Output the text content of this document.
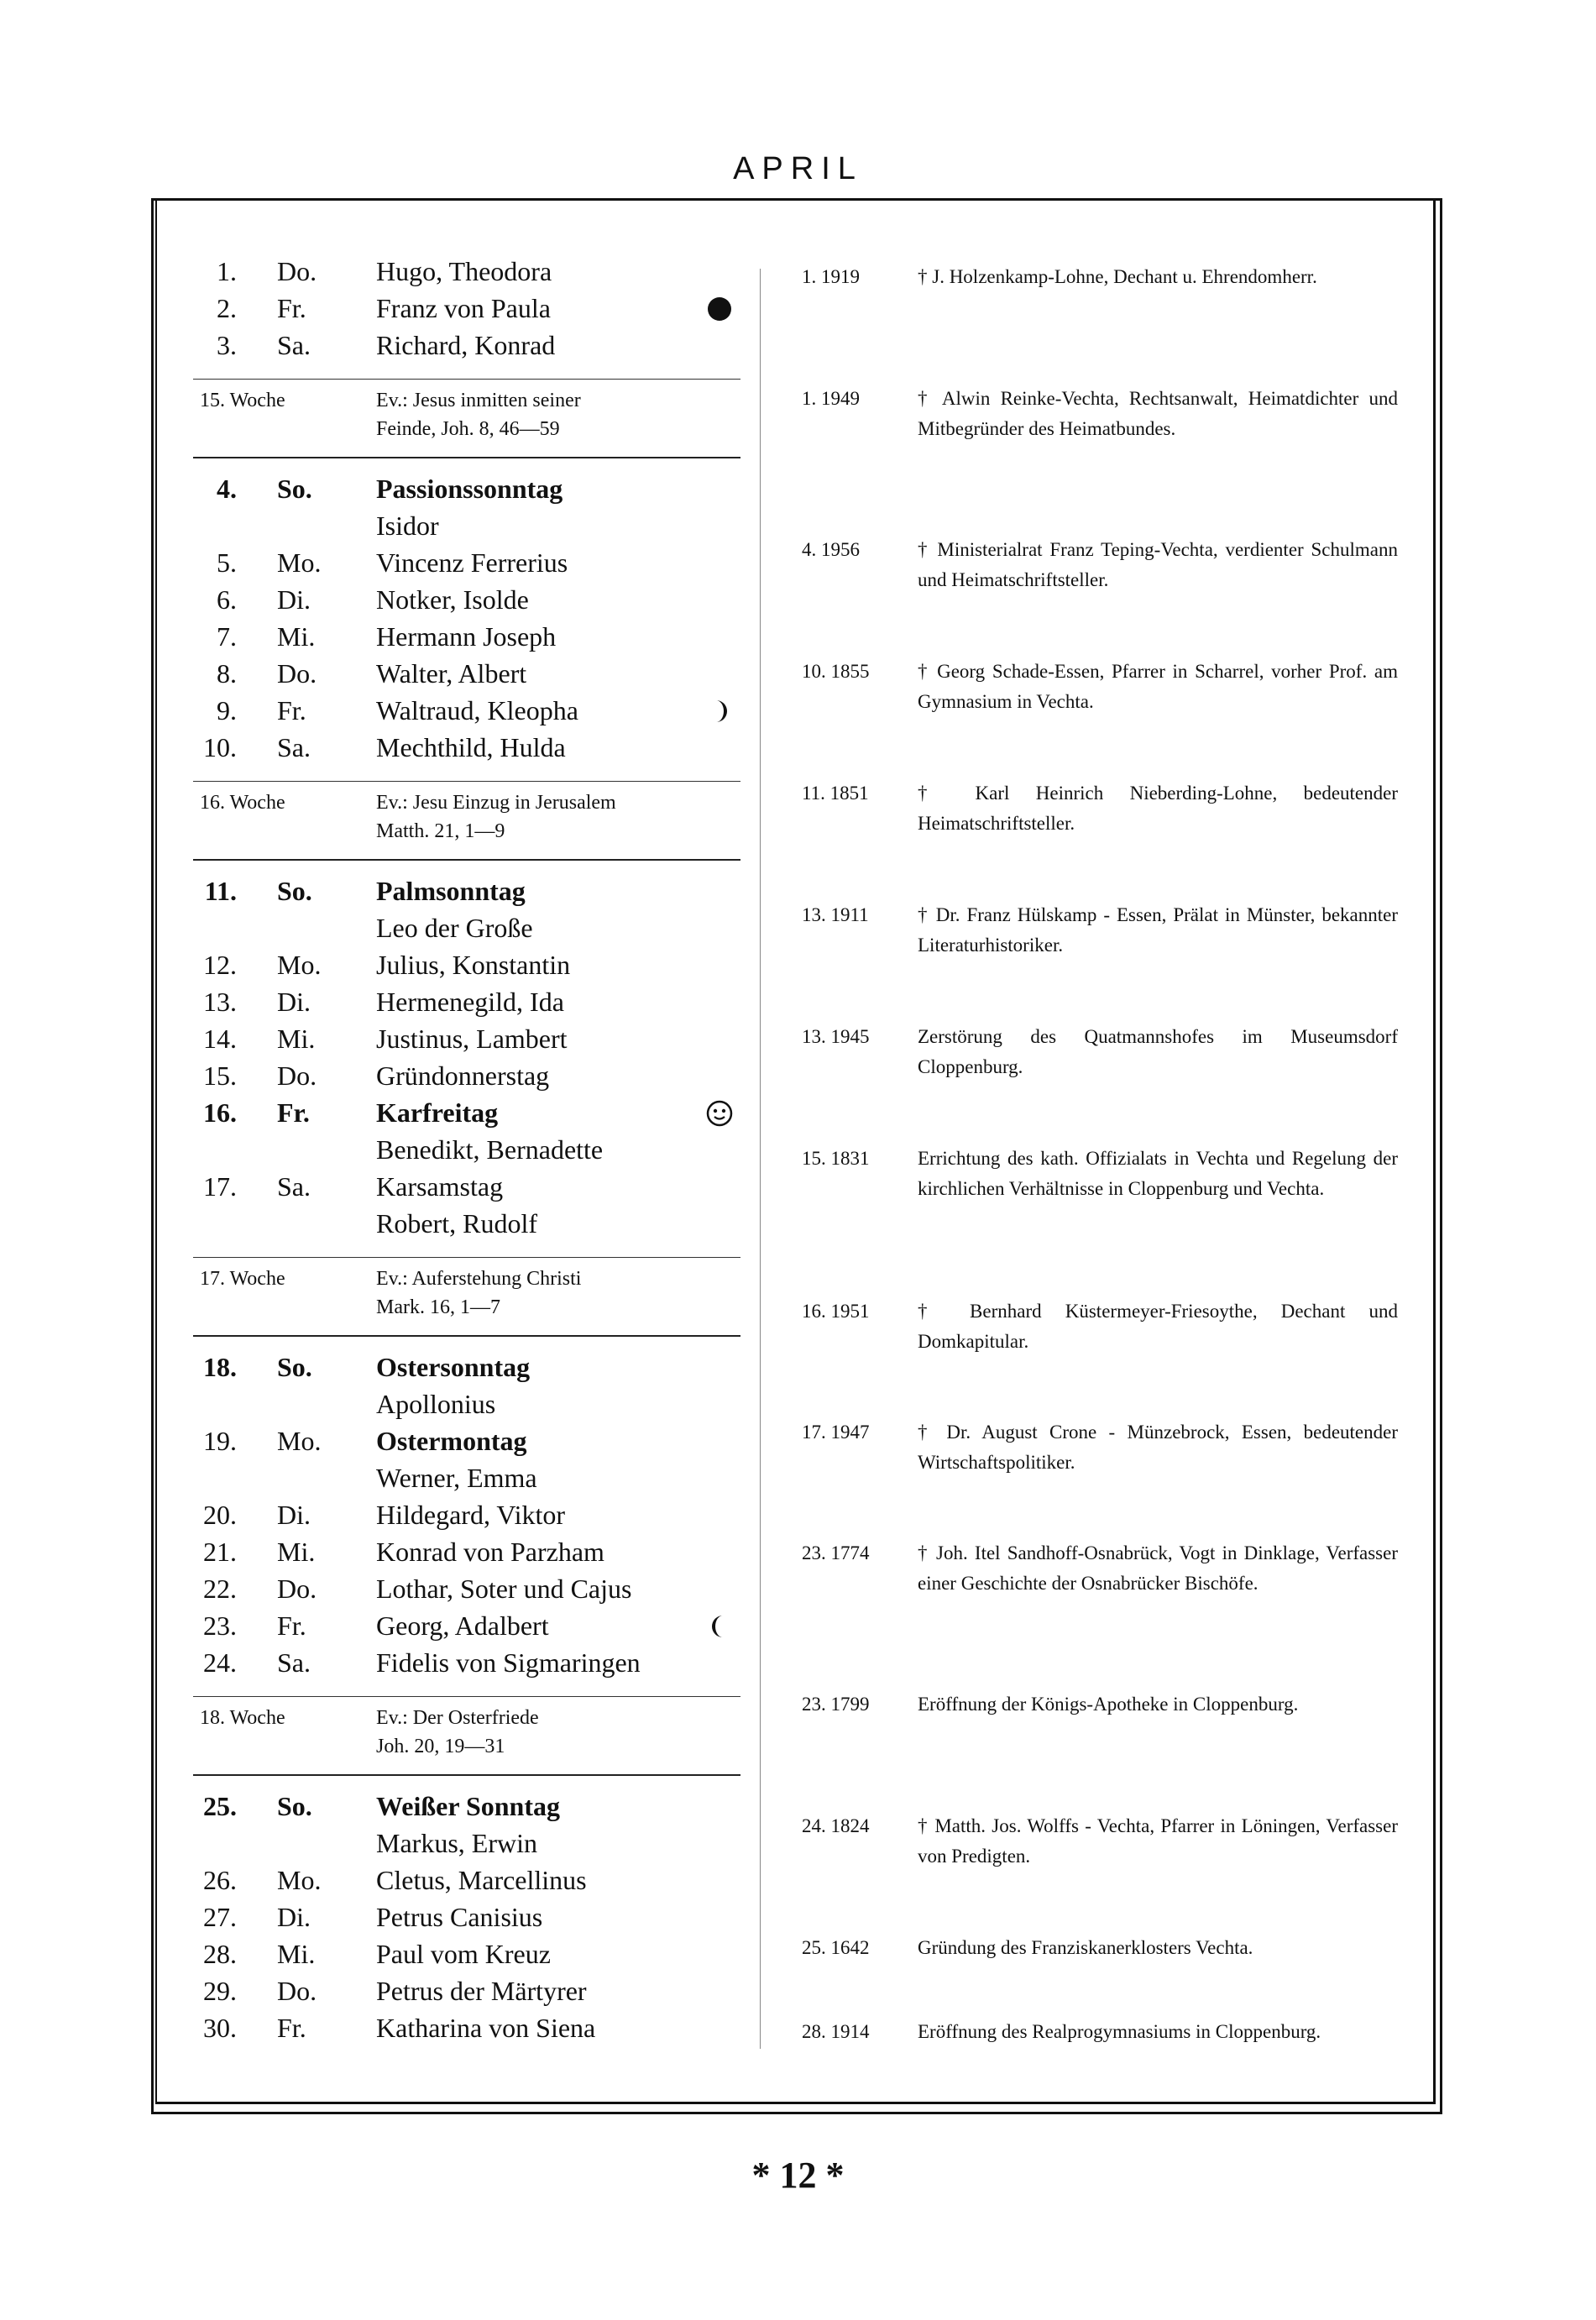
APRIL
1. Do. Hugo, Theodora
2. Fr.	Franz von Paula
3. Sa. Richard, Konrad
15. Woche	Ev.: Jesus inmitten seiner
Feinde, Joh. 8, 46—59
4. So. Passionssonntag
Isidor
5. Mo. Vincenz Ferrerius
6. Di. Notker, Isolde
7. Mi. Hermann Joseph
8. Do. Walter, Albert
9. Fr.	Waltraud, Kleopha
10. Sa. Mechthild, Hulda
16. Woche	Ev.: Jesu Einzug in Jerusalem
Matth. 21, 1—9
11. So. Palmsonntag
Leo der Große
12. Mo. Julius, Konstantin
13. Di. Hermenegild, Ida
14. Mi. Justinus, Lambert
15. Do. Gründonnerstag
16. Fr. Karfreitag
Benedikt, Bernadette
17. Sa. Karsamstag
Robert, Rudolf
17. Woche	Ev.: Auferstehung Christi
Mark. 16, 1—7
18. So. Ostersonntag
Apollonius
19. Mo. Ostermontag
Werner, Emma
20. Di. Hildegard, Viktor
21. Mi. Konrad von Parzham
22. Do. Lothar, Soter und Cajus
23. Fr.	Georg, Adalbert
24. Sa. Fidelis von Sigmaringen
18. Woche	Ev.: Der Osterfriede
Joh. 20, 19—31
25. So. Weißer Sonntag
Markus, Erwin
26. Mo. Cletus, Marcellinus
27. Di. Petrus Canisius
28. Mi. Paul vom Kreuz
29. Do. Petrus der Märtyrer
30. Fr.	Katharina von Siena
1. 1919	† J. Holzenkamp-Lohne, Dechant u. Ehrendomherr.
1. 1949	† Alwin Reinke-Vechta, Rechtsanwalt, Heimatdichter und Mitbegründer des Heimatbundes.
4. 1956	† Ministerialrat Franz Teping-Vechta, verdienter Schulmann und Heimatschriftsteller.
10. 1855	† Georg Schade-Essen, Pfarrer in Scharrel, vorher Prof. am Gymnasium in Vechta.
11. 1851	† Karl Heinrich Nieberding-Lohne, bedeutender Heimatschriftsteller.
13. 1911	† Dr. Franz Hülskamp - Essen, Prälat in Münster, bekannter Literaturhistoriker.
13. 1945	Zerstörung des Quatmannshofes im Museumsdorf Cloppenburg.
15. 1831	Errichtung des kath. Offizialats in Vechta und Regelung der kirchlichen Verhältnisse in Cloppenburg und Vechta.
16. 1951	† Bernhard Küstermeyer-Friesoythe, Dechant und Domkapitular.
17. 1947	† Dr. August Crone - Münzebrock, Essen, bedeutender Wirtschaftspolitiker.
23. 1774	† Joh. Itel Sandhoff-Osnabrück, Vogt in Dinklage, Verfasser einer Geschichte der Osnabrücker Bischöfe.
23. 1799	Eröffnung der Königs-Apotheke in Cloppenburg.
24. 1824	† Matth. Jos. Wolffs - Vechta, Pfarrer in Löningen, Verfasser von Predigten.
25. 1642	Gründung des Franziskanerklosters Vechta.
28. 1914	Eröffnung des Realprogymnasiums in Cloppenburg.
* 12 *
